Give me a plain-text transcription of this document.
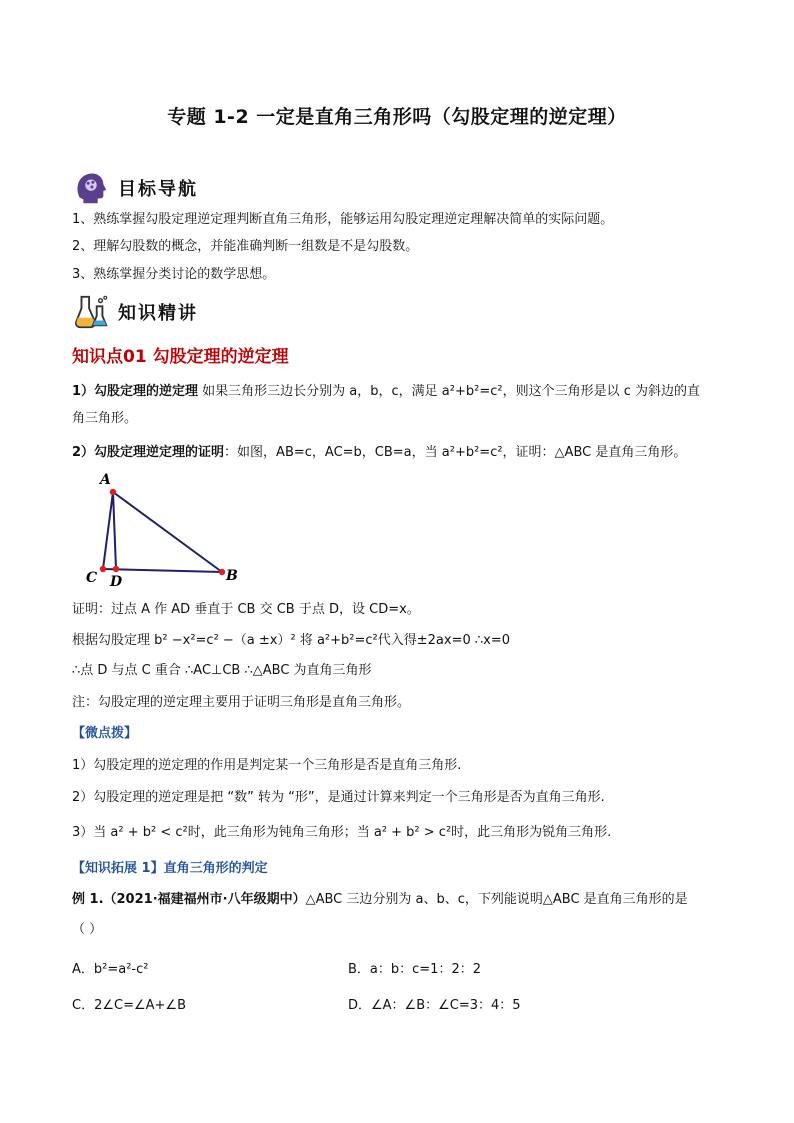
专题 1-2 一定是直角三角形吗（勾股定理的逆定理）
目标导航
1、熟练掌握勾股定理逆定理判断直角三角形，能够运用勾股定理逆定理解决简单的实际问题。
2、理解勾股数的概念，并能准确判断一组数是不是勾股数。
3、熟练掌握分类讨论的数学思想。
知识精讲
知识点01 勾股定理的逆定理
1）勾股定理的逆定理 如果三角形三边长分别为 a，b，c，满足 a²+b²=c²，则这个三角形是以 c 为斜边的直
角三角形。
2）勾股定理逆定理的证明：如图，AB=c，AC=b，CB=a，当 a²+b²=c²，证明：△ABC 是直角三角形。
A
C D	B
证明：过点 A 作 AD 垂直于 CB 交 CB 于点 D，设 CD=x。
根据勾股定理 b² −x²=c² −（a ±x）² 将 a²+b²=c²代入得±2ax=0 ∴x=0
∴点 D 与点 C 重合 ∴AC⊥CB ∴△ABC 为直角三角形
注：勾股定理的逆定理主要用于证明三角形是直角三角形。
【微点拨】
1）勾股定理的逆定理的作用是判定某一个三角形是否是直角三角形.
2）勾股定理的逆定理是把 “数” 转为 “形”，是通过计算来判定一个三角形是否为直角三角形.
3）当 a² + b² < c²时，此三角形为钝角三角形；当 a² + b² > c²时，此三角形为锐角三角形.
【知识拓展 1】直角三角形的判定
例 1.（2021·福建福州市·八年级期中）△ABC 三边分别为 a、b、c，下列能说明△ABC 是直角三角形的是
（ ）
A．b²=a²-c²	B．a：b：c=1：2：2
C．2∠C=∠A+∠B	D．∠A：∠B：∠C=3：4：5
